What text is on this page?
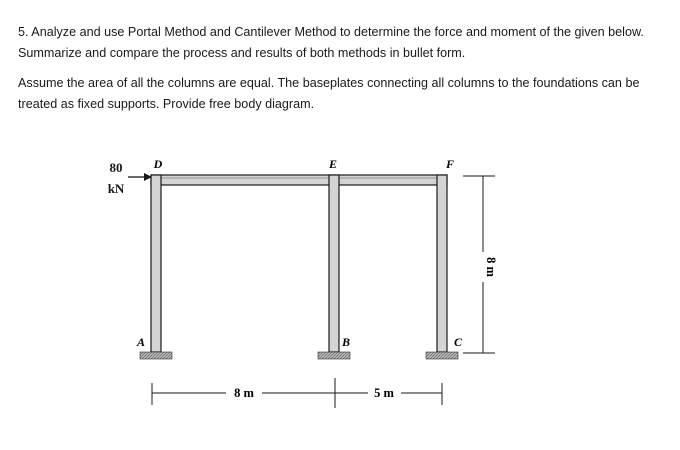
5. Analyze and use Portal Method and Cantilever Method to determine the force and moment of the given below. Summarize and compare the process and results of both methods in bullet form.

Assume the area of all the columns are equal. The baseplates connecting all columns to the foundations can be treated as fixed supports. Provide free body diagram.

80
kN
D	E	F
A	B	C
8 m	5 m
8 m
